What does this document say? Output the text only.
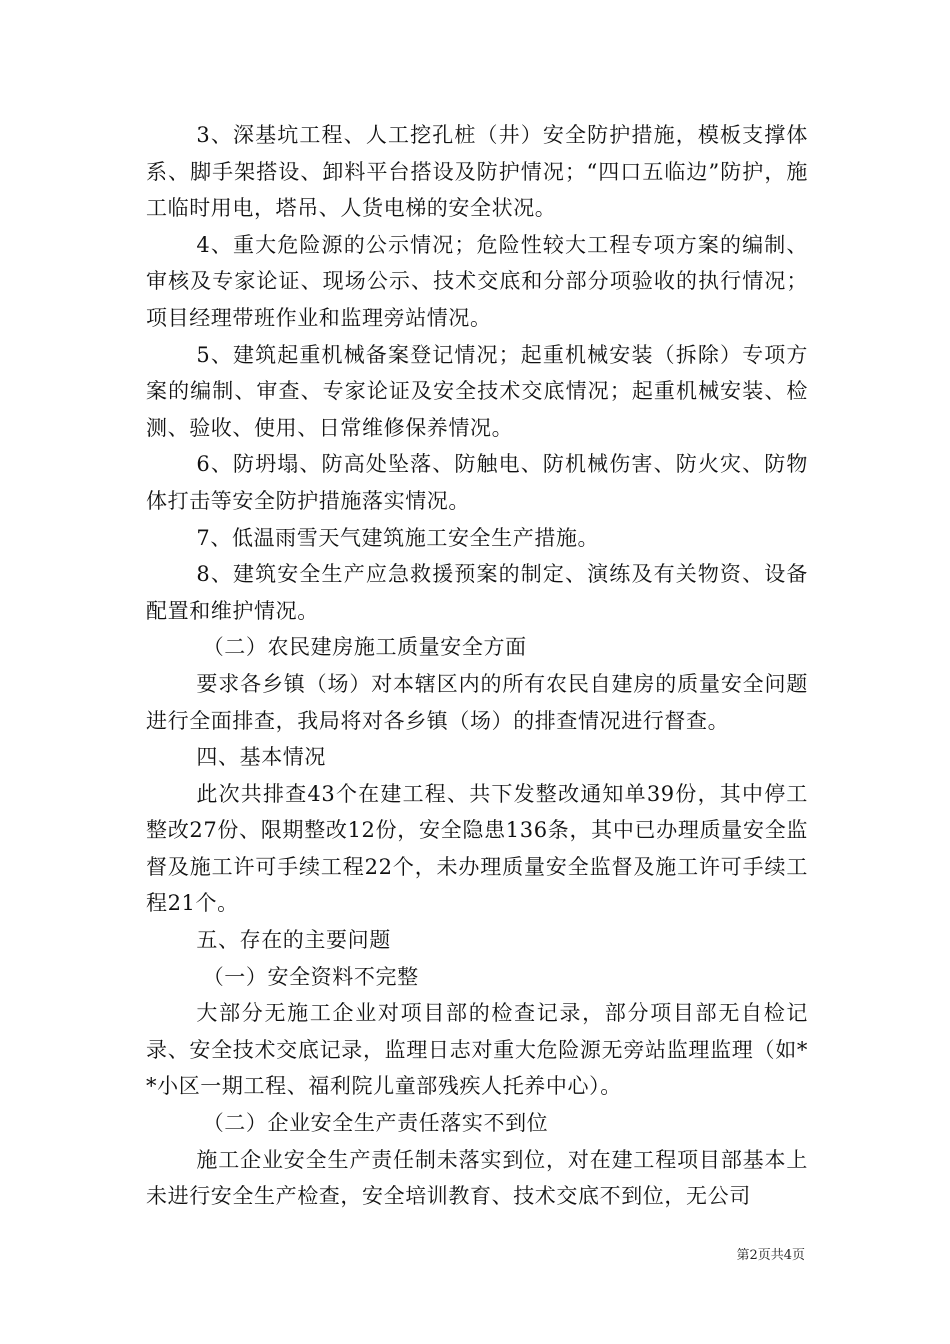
3、深基坑工程、人工挖孔桩（井）安全防护措施，模板支撑体系、脚手架搭设、卸料平台搭设及防护情况；“四口五临边”防护，施工临时用电，塔吊、人货电梯的安全状况。

4、重大危险源的公示情况；危险性较大工程专项方案的编制、审核及专家论证、现场公示、技术交底和分部分项验收的执行情况；项目经理带班作业和监理旁站情况。

5、建筑起重机械备案登记情况；起重机械安装（拆除）专项方案的编制、审查、专家论证及安全技术交底情况；起重机械安装、检测、验收、使用、日常维修保养情况。

6、防坍塌、防高处坠落、防触电、防机械伤害、防火灾、防物体打击等安全防护措施落实情况。

7、低温雨雪天气建筑施工安全生产措施。

8、建筑安全生产应急救援预案的制定、演练及有关物资、设备配置和维护情况。

（二）农民建房施工质量安全方面

要求各乡镇（场）对本辖区内的所有农民自建房的质量安全问题进行全面排查，我局将对各乡镇（场）的排查情况进行督查。

四、基本情况

此次共排查43个在建工程、共下发整改通知单39份，其中停工整改27份、限期整改12份，安全隐患136条，其中已办理质量安全监督及施工许可手续工程22个，未办理质量安全监督及施工许可手续工程21个。

五、存在的主要问题

（一）安全资料不完整

大部分无施工企业对项目部的检查记录，部分项目部无自检记录、安全技术交底记录，监理日志对重大危险源无旁站监理监理（如**小区一期工程、福利院儿童部残疾人托养中心）。

（二）企业安全生产责任落实不到位

施工企业安全生产责任制未落实到位，对在建工程项目部基本上未进行安全生产检查，安全培训教育、技术交底不到位，无公司

第2页共4页
